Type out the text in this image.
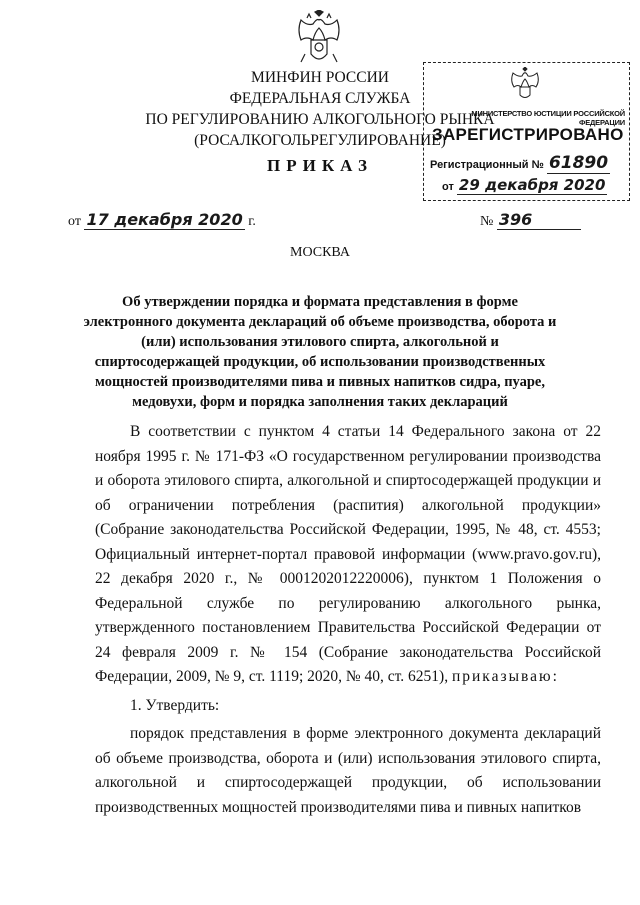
МИНФИН РОССИИ
ФЕДЕРАЛЬНАЯ СЛУЖБА
ПО РЕГУЛИРОВАНИЮ АЛКОГОЛЬНОГО РЫНКА
(РОСАЛКОГОЛЬРЕГУЛИРОВАНИЕ)
МИНИСТЕРСТВО ЮСТИЦИИ РОССИЙСКОЙ ФЕДЕРАЦИИ
ЗАРЕГИСТРИРОВАНО
Регистрационный № 61890
от 29 декабря 2020
ПРИКАЗ
от 17 декабря 2020 г.	№ 396
МОСКВА
Об утверждении порядка и формата представления в форме электронного документа деклараций об объеме производства, оборота и (или) использования этилового спирта, алкогольной и спиртосодержащей продукции, об использовании производственных мощностей производителями пива и пивных напитков сидра, пуаре, медовухи, форм и порядка заполнения таких деклараций

В соответствии с пунктом 4 статьи 14 Федерального закона от 22 ноября 1995 г. № 171-ФЗ «О государственном регулировании производства и оборота этилового спирта, алкогольной и спиртосодержащей продукции и об ограничении потребления (распития) алкогольной продукции» (Собрание законодательства Российской Федерации, 1995, № 48, ст. 4553; Официальный интернет-портал правовой информации (www.pravo.gov.ru), 22 декабря 2020 г., № 0001202012220006), пунктом 1 Положения о Федеральной службе по регулированию алкогольного рынка, утвержденного постановлением Правительства Российской Федерации от 24 февраля 2009 г. № 154 (Собрание законодательства Российской Федерации, 2009, № 9, ст. 1119; 2020, № 40, ст. 6251), приказываю:

1. Утвердить:

порядок представления в форме электронного документа деклараций об объеме производства, оборота и (или) использования этилового спирта, алкогольной и спиртосодержащей продукции, об использовании производственных мощностей производителями пива и пивных напитков
